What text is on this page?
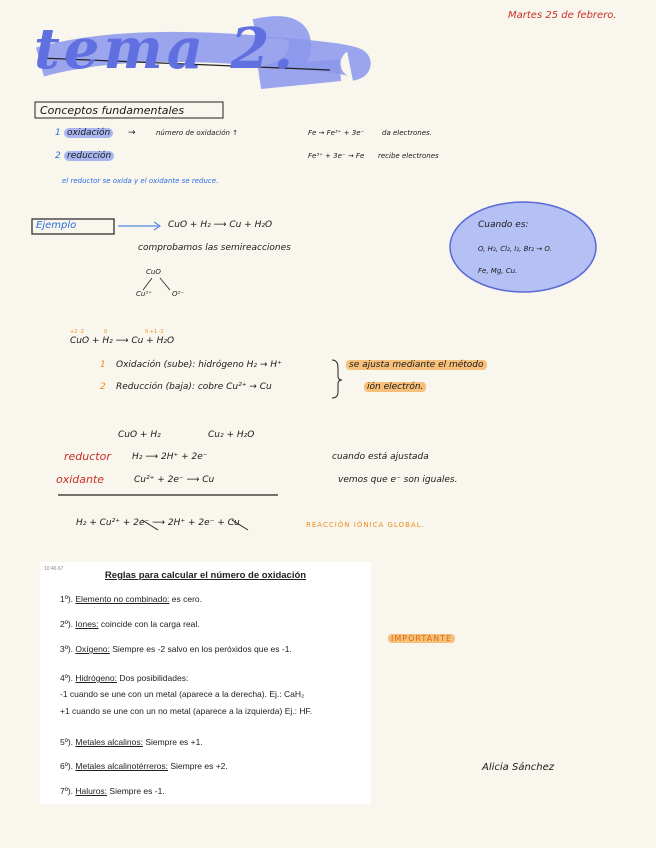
Martes 25 de febrero.
tema 2.
Conceptos fundamentales
1 oxidación	→	número de oxidación ↑	Fe → Fe³⁺ + 3e⁻	da electrones.
2 reducción	Fe³⁺ + 3e⁻ → Fe recibe electrones
el reductor se oxida y el oxidante se reduce.
Ejemplo	CuO + H₂ ⟶ Cu + H₂O
comprobamos las semireacciones
CuO
Cu²⁺	O²⁻
Cuando es:
O, H₂, Cl₂, I₂, Br₂ → O.
Fe, Mg, Cu.
+2 -2	0 +1 -2
0
CuO + H₂ ⟶ Cu + H₂O
1 Oxidación (sube): hidrógeno H₂ → H⁺
2 Reducción (baja): cobre Cu²⁺ → Cu
se ajusta mediante el método
ión electrón.
CuO + H₂	Cu₂ + H₂O
reductor H₂ ⟶ 2H⁺ + 2e⁻
oxidante	Cu²⁺ + 2e⁻ ⟶ Cu
cuando está ajustada
vemos que e⁻ son iguales.
H₂ + Cu²⁺ + 2e⁻ ⟶ 2H⁺ + 2e⁻ + Cu	REACCIÓN IÓNICA GLOBAL.
IMPORTANTE
Alicia Sánchez
10:46 67
Reglas para calcular el número de oxidación
1º). Elemento no combinado: es cero.
2º). Iones: coincide con la carga real.
3º). Oxígeno: Siempre es -2 salvo en los peróxidos que es -1.
4º). Hidrógeno: Dos posibilidades:
-1 cuando se une con un metal (aparece a la derecha). Ej.: CaH₂
+1 cuando se une con un no metal (aparece a la izquierda) Ej.: HF.
5º). Metales alcalinos: Siempre es +1.
6º). Metales alcalinotérreros: Siempre es +2.
7º). Haluros: Siempre es -1.
